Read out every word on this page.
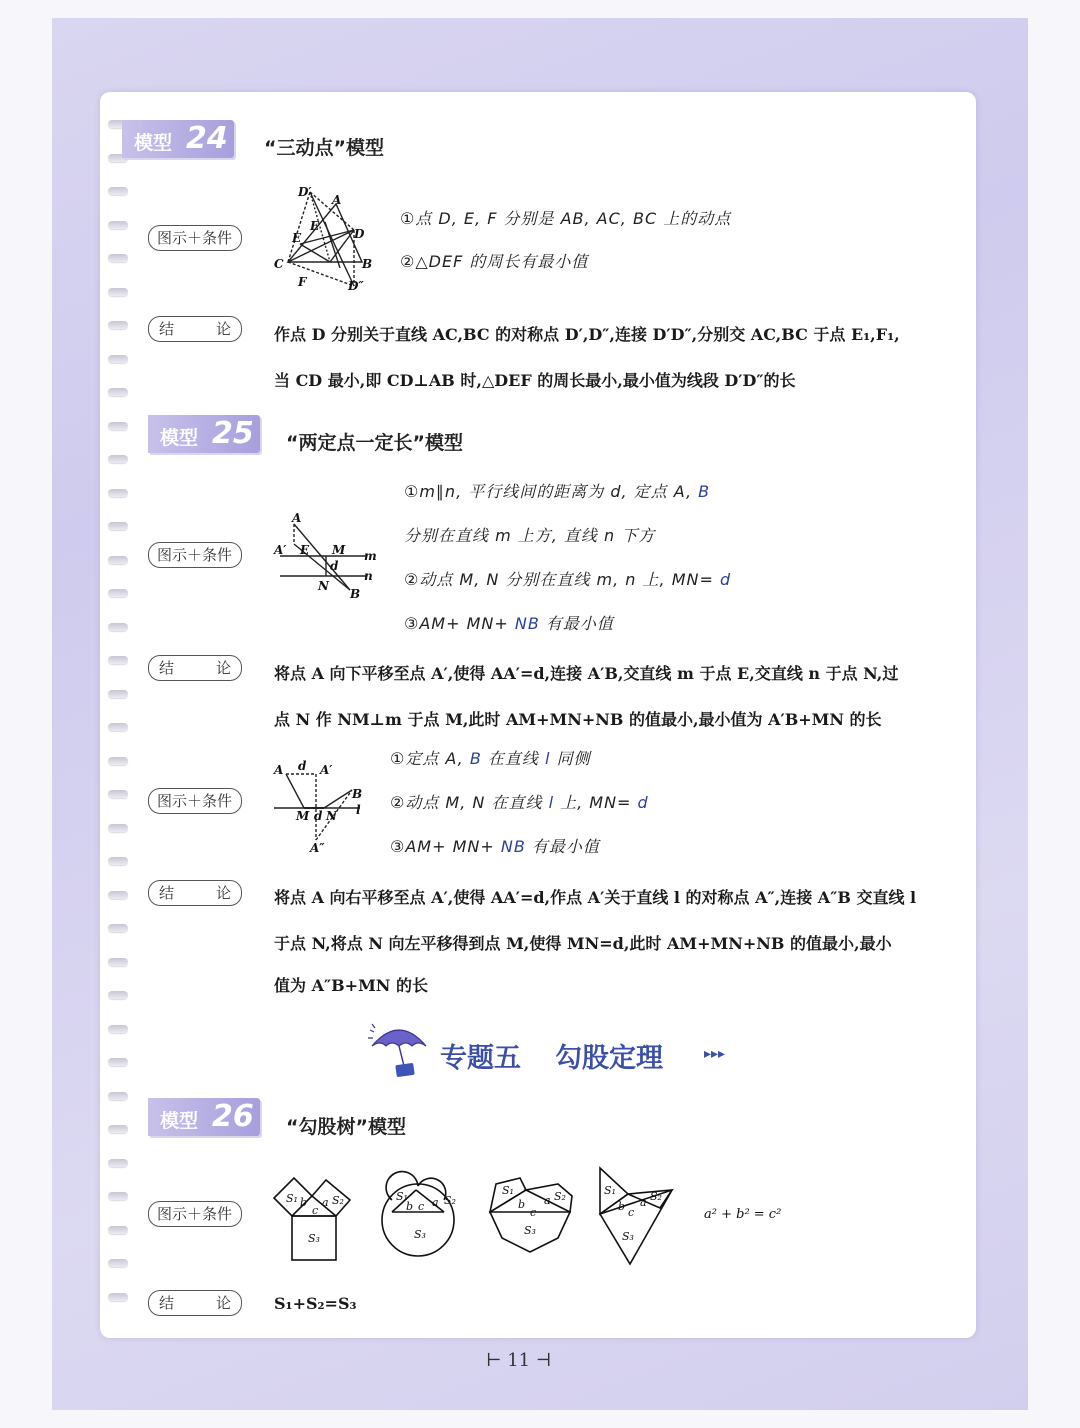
模型 24 “三动点”模型
图示＋条件
D′
A
E
E	D
C	B
F	D″
①点 D, E, F 分别是 AB, AC, BC 上的动点
②△DEF 的周长有最小值
结	论	作点 D 分别关于直线 AC,BC 的对称点 D′,D″,连接 D′D″,分别交 AC,BC 于点 E₁,F₁,
当 CD 最小,即 CD⊥AB 时,△DEF 的周长最小,最小值为线段 D′D″的长
模型 25 “两定点一定长”模型
①m∥n, 平行线间的距离为 d, 定点 A, B
分别在直线 m 上方, 直线 n 下方
②动点 M, N 分别在直线 m, n 上, MN= d
③AM+ MN+ NB 有最小值
图示＋条件
A
A′ E M m
d
n
N
B
结	论	将点 A 向下平移至点 A′,使得 AA′=d,连接 A′B,交直线 m 于点 E,交直线 n 于点 N,过
点 N 作 NM⊥m 于点 M,此时 AM+MN+NB 的值最小,最小值为 A′B+MN 的长
①定点 A, B 在直线 l 同侧
②动点 M, N 在直线 l 上, MN= d
③AM+ MN+ NB 有最小值
图示＋条件
A d A′
B
l
M d N
A″
结	论	将点 A 向右平移至点 A′,使得 AA′=d,作点 A′关于直线 l 的对称点 A″,连接 A″B 交直线 l
于点 N,将点 N 向左平移得到点 M,使得 MN=d,此时 AM+MN+NB 的值最小,最小
值为 A″B+MN 的长
专题五 勾股定理	▸▸▸
模型 26 “勾股树”模型
图示＋条件
S₁	S₂
S₃
b a
c
S₁	S₂
S₃
b a
c
S₁	S₂
S₃
b a
c
S₁	S₂
S₃
b a
c	a² + b² = c²
结	论	S₁+S₂=S₃
⊢ 11 ⊣
